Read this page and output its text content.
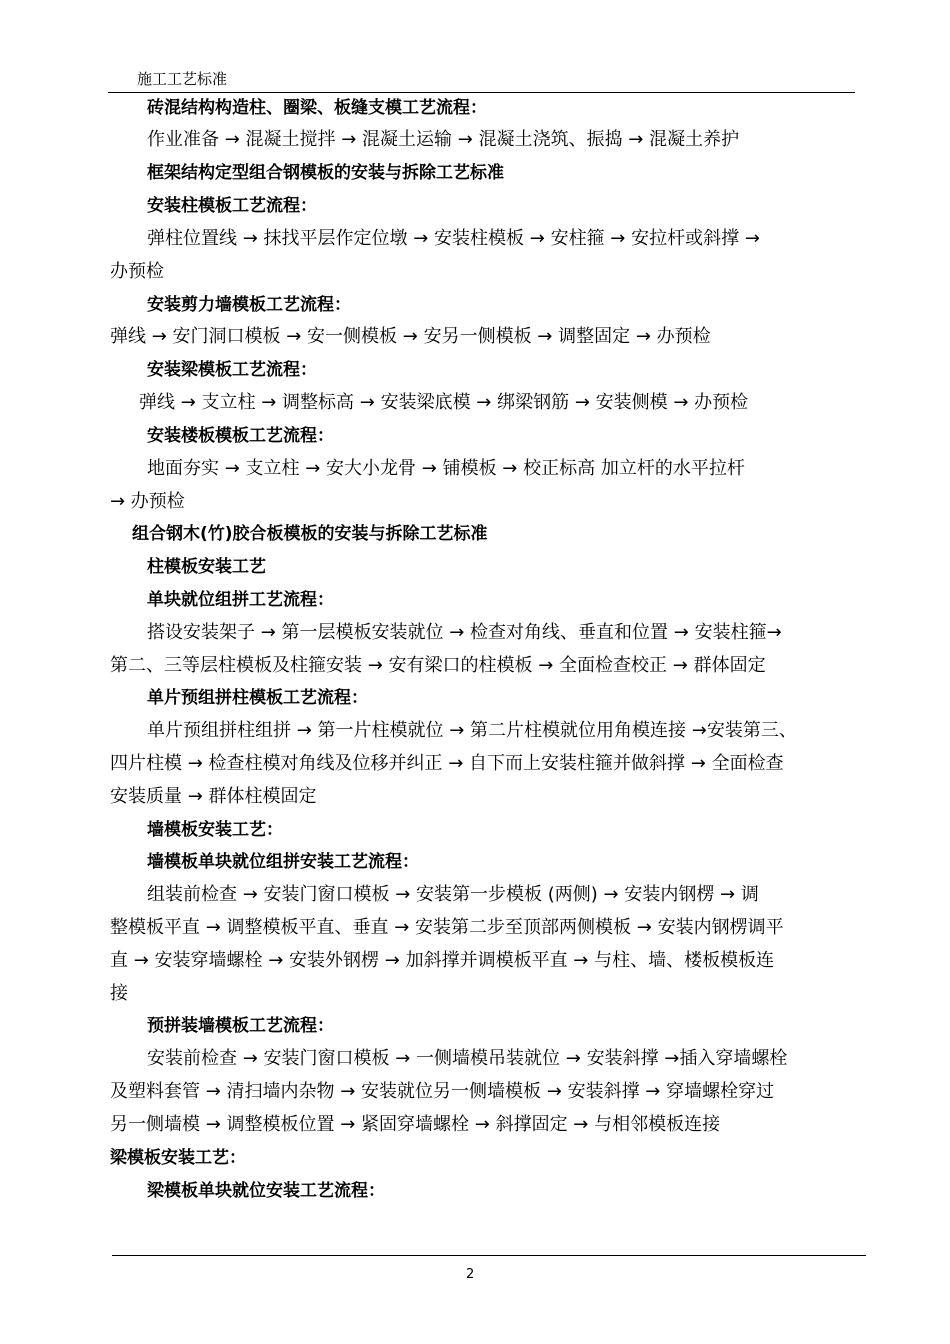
施工工艺标准
砖混结构构造柱、圈梁、板缝支模工艺流程：
作业准备 → 混凝土搅拌 → 混凝土运输 → 混凝土浇筑、振捣 → 混凝土养护
框架结构定型组合钢模板的安装与拆除工艺标准
安装柱模板工艺流程：
弹柱位置线 → 抹找平层作定位墩 → 安装柱模板 → 安柱箍 → 安拉杆或斜撑 →
办预检
安装剪力墙模板工艺流程：
弹线 → 安门洞口模板 → 安一侧模板 → 安另一侧模板 → 调整固定 → 办预检
安装梁模板工艺流程：
弹线 → 支立柱 → 调整标高 → 安装梁底模 → 绑梁钢筋 → 安装侧模 → 办预检
安装楼板模板工艺流程：
地面夯实 → 支立柱 → 安大小龙骨 → 铺模板 → 校正标高 加立杆的水平拉杆
→ 办预检
组合钢木(竹)胶合板模板的安装与拆除工艺标准
柱模板安装工艺
单块就位组拼工艺流程：
搭设安装架子 → 第一层模板安装就位 → 检查对角线、垂直和位置 → 安装柱箍→
第二、三等层柱模板及柱箍安装 → 安有梁口的柱模板 → 全面检查校正 → 群体固定
单片预组拼柱模板工艺流程：
单片预组拼柱组拼 → 第一片柱模就位 → 第二片柱模就位用角模连接 →安装第三、
四片柱模 → 检查柱模对角线及位移并纠正 → 自下而上安装柱箍并做斜撑 → 全面检查
安装质量 → 群体柱模固定
墙模板安装工艺：
墙模板单块就位组拼安装工艺流程：
组装前检查 → 安装门窗口模板 → 安装第一步模板 (两侧) → 安装内钢楞 → 调
整模板平直 → 调整模板平直、垂直 → 安装第二步至顶部两侧模板 → 安装内钢楞调平
直 → 安装穿墙螺栓 → 安装外钢楞 → 加斜撑并调模板平直 → 与柱、墙、楼板模板连
接
预拼装墙模板工艺流程：
安装前检查 → 安装门窗口模板 → 一侧墙模吊装就位 → 安装斜撑 →插入穿墙螺栓
及塑料套管 → 清扫墙内杂物 → 安装就位另一侧墙模板 → 安装斜撑 → 穿墙螺栓穿过
另一侧墙模 → 调整模板位置 → 紧固穿墙螺栓 → 斜撑固定 → 与相邻模板连接
梁模板安装工艺：
梁模板单块就位安装工艺流程：
2
